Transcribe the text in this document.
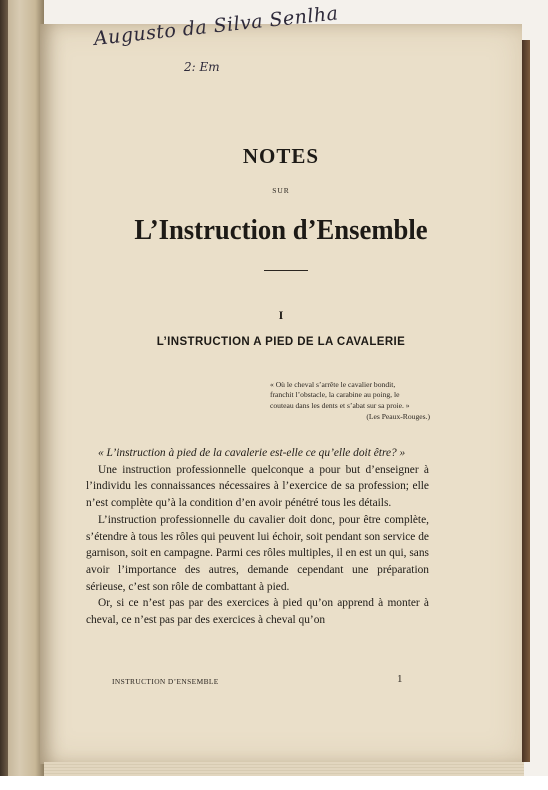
Augusto da Silva Senlha
2: Em
NOTES
SUR
L’Instruction d’Ensemble
I
L’INSTRUCTION A PIED DE LA CAVALERIE

« Où le cheval s’arrête le cavalier bondit,

franchit l’obstacle, la carabine au poing, le

couteau dans les dents et s’abat sur sa proie. »

(Les Peaux-Rouges.)

« L’instruction à pied de la cavalerie est-elle ce qu’elle doit être? »

Une instruction professionnelle quelconque a pour but d’enseigner à l’individu les connaissances nécessaires à l’exercice de sa profession; elle n’est complète qu’à la condition d’en avoir pénétré tous les détails.

L’instruction professionnelle du cavalier doit donc, pour être complète, s’étendre à tous les rôles qui peuvent lui échoir, soit pendant son service de garnison, soit en campagne. Parmi ces rôles multiples, il en est un qui, sans avoir l’importance des autres, demande cependant une préparation sérieuse, c’est son rôle de combattant à pied.

Or, si ce n’est pas par des exercices à pied qu’on apprend à monter à cheval, ce n’est pas par des exercices à cheval qu’on

INSTRUCTION D’ENSEMBLE	1
